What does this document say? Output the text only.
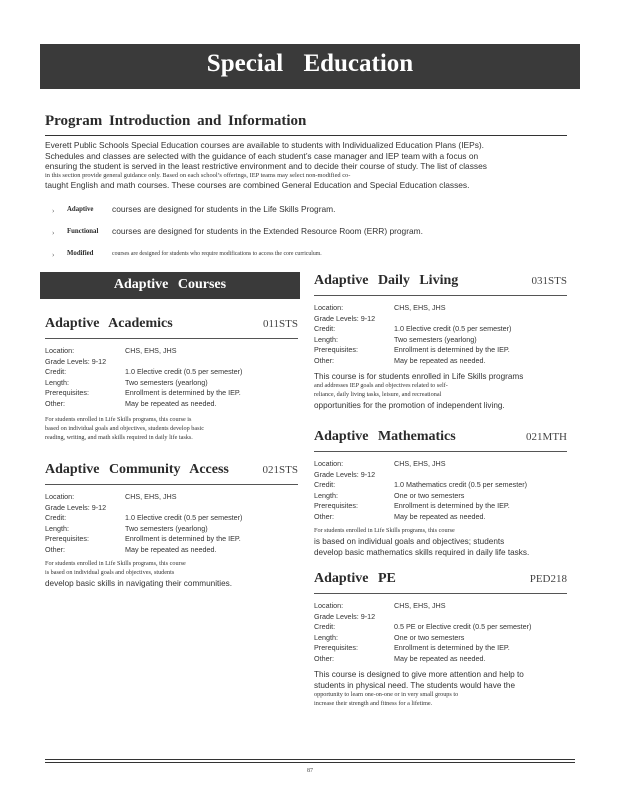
Special Education
Program Introduction and Information
Everett Public Schools Special Education courses are available to students with Individualized Education Plans (IEPs).
Schedules and classes are selected with the guidance of each student’s case manager and IEP team with a focus on
ensuring the student is served in the least restrictive environment and to decide their course of study. The list of classes
in this section provide general guidance only. Based on each school’s offerings, IEP teams may select non-modified co-
taught English and math courses. These courses are combined General Education and Special Education classes.
› Adaptive courses are designed for students in the Life Skills Program.
› Functional courses are designed for students in the Extended Resource Room (ERR) program.
› Modified	courses are designed for students who require modifications to access the core curriculum.
Adaptive Courses
Adaptive Academics	011STS
Location:	CHS, EHS, JHS
Grade Levels: 9-12
Credit:	1.0 Elective credit (0.5 per semester)
Length:	Two semesters (yearlong)
Prerequisites:	Enrollment is determined by the IEP.
Other:	May be repeated as needed.
For students enrolled in Life Skills programs, this course is
based on individual goals and objectives, students develop basic
reading, writing, and math skills required in daily life tasks.
Adaptive Community Access	021STS
Location:	CHS, EHS, JHS
Grade Levels: 9-12
Credit:	1.0 Elective credit (0.5 per semester)
Length:	Two semesters (yearlong)
Prerequisites:	Enrollment is determined by the IEP.
Other:	May be repeated as needed.
For students enrolled in Life Skills programs, this course
is based on individual goals and objectives, students
develop basic skills in navigating their communities.
Adaptive Daily Living	031STS
Location:	CHS, EHS, JHS
Grade Levels: 9-12
Credit:	1.0 Elective credit (0.5 per semester)
Length:	Two semesters (yearlong)
Prerequisites:	Enrollment is determined by the IEP.
Other:	May be repeated as needed.
This course is for students enrolled in Life Skills programs
and addresses IEP goals and objectives related to self-
reliance, daily living tasks, leisure, and recreational
opportunities for the promotion of independent living.
Adaptive Mathematics	021MTH
Location:	CHS, EHS, JHS
Grade Levels: 9-12
Credit:	1.0 Mathematics credit (0.5 per semester)
Length:	One or two semesters
Prerequisites:	Enrollment is determined by the IEP.
Other:	May be repeated as needed.
For students enrolled in Life Skills programs, this course
is based on individual goals and objectives; students
develop basic mathematics skills required in daily life tasks.
Adaptive PE	PED218
Location:	CHS, EHS, JHS
Grade Levels: 9-12
Credit:	0.5 PE or Elective credit (0.5 per semester)
Length:	One or two semesters
Prerequisites:	Enrollment is determined by the IEP.
Other:	May be repeated as needed.
This course is designed to give more attention and help to
students in physical need. The students would have the
opportunity to learn one-on-one or in very small groups to
increase their strength and fitness for a lifetime.
87
